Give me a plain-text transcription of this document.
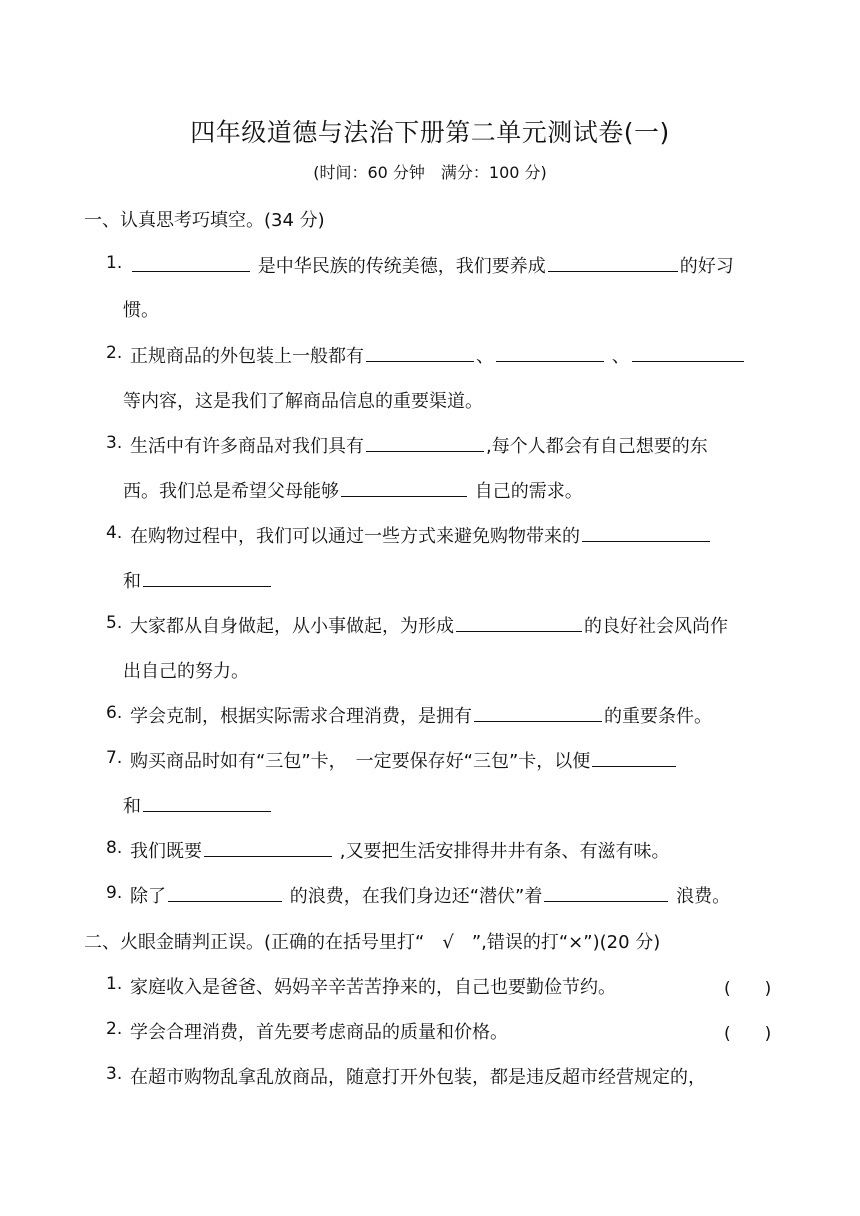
四年级道德与法治下册第二单元测试卷(一)
(时间：60 分钟　满分：100 分)
一、认真思考巧填空。(34 分)
1.	是中华民族的传统美德，我们要养成	的好习
惯。
2. 正规商品的外包装上一般都有	、	、
等内容，这是我们了解商品信息的重要渠道。
3. 生活中有许多商品对我们具有	,每个人都会有自己想要的东
西。我们总是希望父母能够	自己的需求。
4. 在购物过程中，我们可以通过一些方式来避免购物带来的
和
5. 大家都从自身做起，从小事做起，为形成	的良好社会风尚作
出自己的努力。
6. 学会克制，根据实际需求合理消费，是拥有	的重要条件。
7. 购买商品时如有“三包”卡，　一定要保存好“三包”卡，以便
和
8. 我们既要	,又要把生活安排得井井有条、有滋有味。
9. 除了	的浪费，在我们身边还“潜伏”着	浪费。
二、火眼金睛判正误。(正确的在括号里打“　√　”,错误的打“×”)(20 分)
1. 家庭收入是爸爸、妈妈辛辛苦苦挣来的，自己也要勤俭节约。	(　　)
2. 学会合理消费，首先要考虑商品的质量和价格。	(　　)
3. 在超市购物乱拿乱放商品，随意打开外包装，都是违反超市经营规定的，
